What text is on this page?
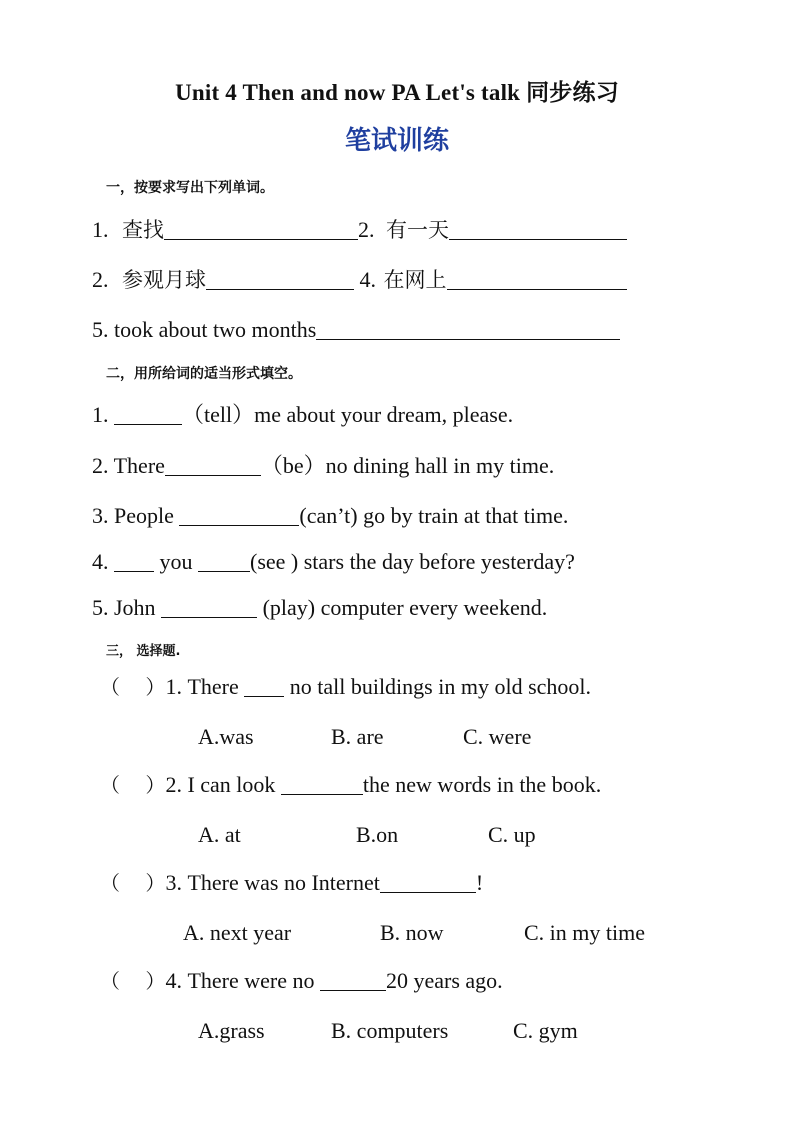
Unit 4 Then and now PA Let's talk 同步练习
笔试训练
一，按要求写出下列单词。
1. 查找	2. 有一天
2. 参观月球	4. 在网上
5. took about two months
二，用所给词的适当形式填空。
1.	（tell）me about your dream, please.
2. There	（be）no dining hall in my time.
3. People	(can’t) go by train at that time.
4. you	(see ) stars the day before yesterday?
5. John	(play) computer every weekend.
三， 选择题.
（    ）1. There no tall buildings in my old school.
A.was	B. are	C. were
（    ）2. I can look	the new words in the book.
A. at	B.on	C. up
（    ）3. There was no Internet	!
A. next year	B. now	C. in my time
（    ）4. There were no	20 years ago.
A.grass	B. computers	C. gym
